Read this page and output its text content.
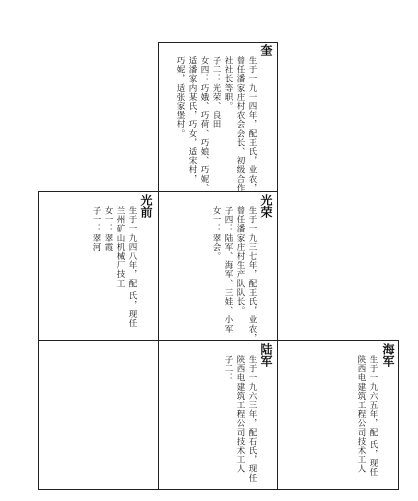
奎
生于一九一四年，配王氏，业农，
曾任潘家庄村农会会长、初级合作
社社长等职。
子二：光荣、良田
女四：巧娥、巧荷、巧娘、巧妮、
适潘家内某氏，巧女，适宋村，
巧妮，适张家堡村。
光荣
生于一九三七年，配王氏，业农，
曾任潘家庄村生产队队长。
子四：陆军、海军、三娃、小军
女一：翠会。
光前
生于一九四八年，配 氏，现任
兰州矿山机械厂技工
女一：翠霞
子一：翠河
陆军
生于一九六三年，配石氏，现任
陕西电建筑工程公司技术工人
子二：	海军
生于一九六五年，配 氏，现任
陕西电建筑工程公司技术工人
